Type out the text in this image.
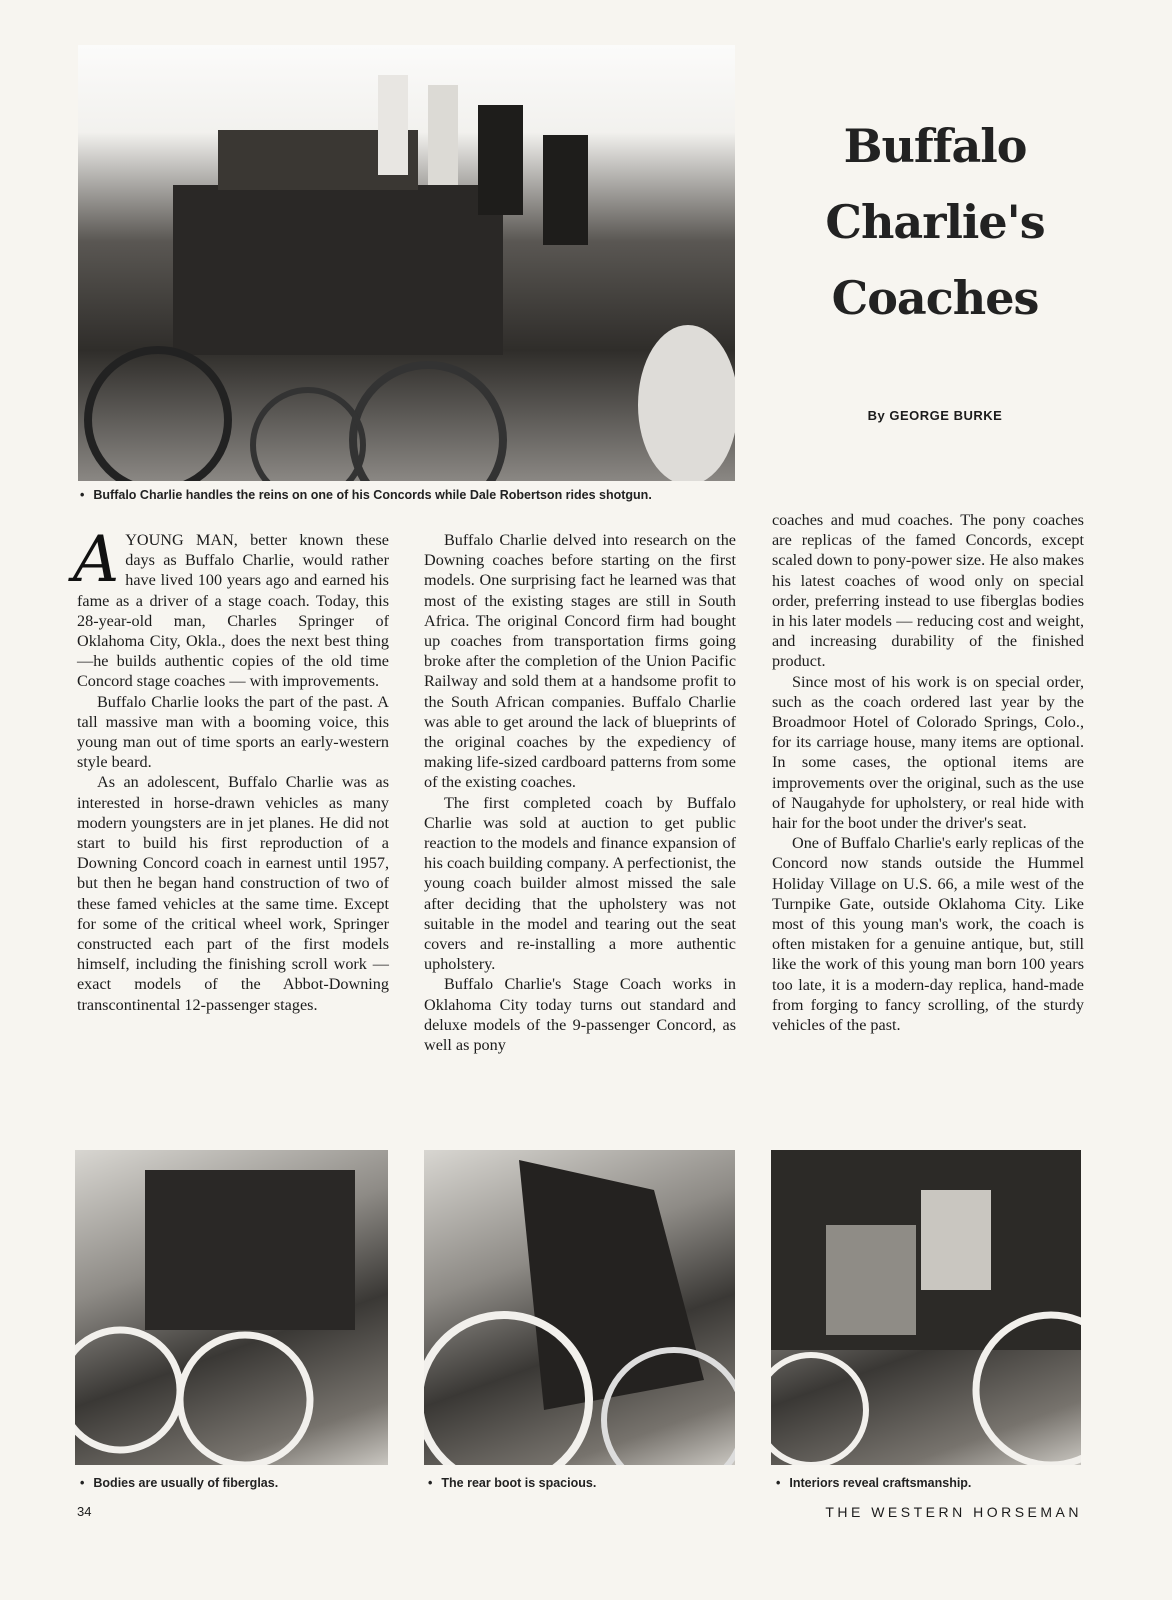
Buffalo
Charlie's
Coaches
By GEORGE BURKE
• Buffalo Charlie handles the reins on one of his Concords while Dale Robertson rides shotgun.

AYOUNG MAN, better known these days as Buffalo Charlie, would rather have lived 100 years ago and earned his fame as a driver of a stage coach. Today, this 28-year-old man, Charles Springer of Oklahoma City, Okla., does the next best thing—he builds authentic copies of the old time Concord stage coaches — with improvements.

Buffalo Charlie looks the part of the past. A tall massive man with a booming voice, this young man out of time sports an early-western style beard.

As an adolescent, Buffalo Charlie was as interested in horse-drawn vehicles as many modern youngsters are in jet planes. He did not start to build his first reproduction of a Downing Concord coach in earnest until 1957, but then he began hand construction of two of these famed vehicles at the same time. Except for some of the critical wheel work, Springer constructed each part of the first models himself, including the finishing scroll work — exact models of the Abbot-Downing transcontinental 12-passenger stages.

Buffalo Charlie delved into research on the Downing coaches before starting on the first models. One surprising fact he learned was that most of the existing stages are still in South Africa. The original Concord firm had bought up coaches from transportation firms going broke after the completion of the Union Pacific Railway and sold them at a handsome profit to the South African companies. Buffalo Charlie was able to get around the lack of blueprints of the original coaches by the expediency of making life-sized cardboard patterns from some of the existing coaches.

The first completed coach by Buffalo Charlie was sold at auction to get public reaction to the models and finance expansion of his coach building company. A perfectionist, the young coach builder almost missed the sale after deciding that the upholstery was not suitable in the model and tearing out the seat covers and re-installing a more authentic upholstery.

Buffalo Charlie's Stage Coach works in Oklahoma City today turns out standard and deluxe models of the 9-passenger Concord, as well as pony

coaches and mud coaches. The pony coaches are replicas of the famed Concords, except scaled down to pony-power size. He also makes his latest coaches of wood only on special order, preferring instead to use fiberglas bodies in his later models — reducing cost and weight, and increasing durability of the finished product.

Since most of his work is on special order, such as the coach ordered last year by the Broadmoor Hotel of Colorado Springs, Colo., for its carriage house, many items are optional. In some cases, the optional items are improvements over the original, such as the use of Naugahyde for upholstery, or real hide with hair for the boot under the driver's seat.

One of Buffalo Charlie's early replicas of the Concord now stands outside the Hummel Holiday Village on U.S. 66, a mile west of the Turnpike Gate, outside Oklahoma City. Like most of this young man's work, the coach is often mistaken for a genuine antique, but, still like the work of this young man born 100 years too late, it is a modern-day replica, hand-made from forging to fancy scrolling, of the sturdy vehicles of the past.

• Bodies are usually of fiberglas.	• The rear boot is spacious.	• Interiors reveal craftsmanship.
34	THE WESTERN HORSEMAN
